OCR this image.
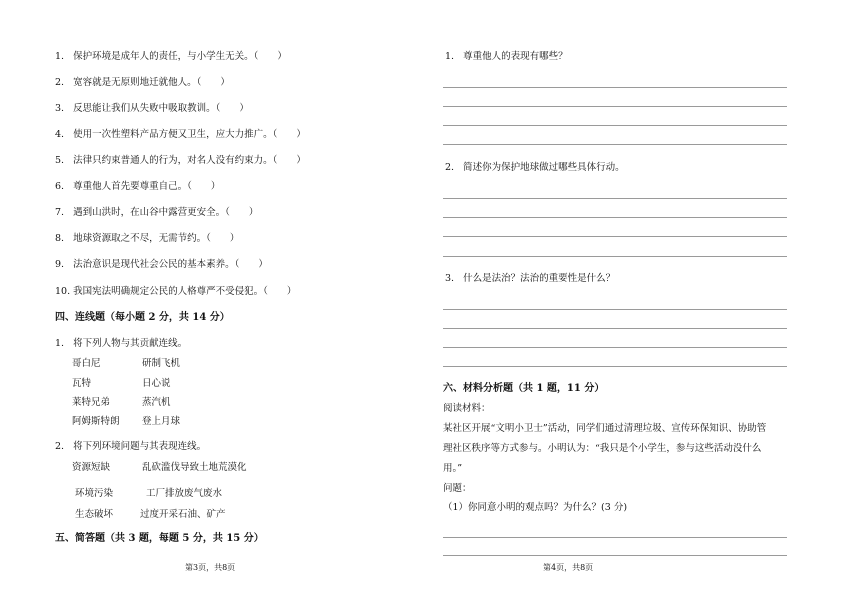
1. 保护环境是成年人的责任，与小学生无关。（　　）
2. 宽容就是无原则地迁就他人。（　　）
3. 反思能让我们从失败中吸取教训。（　　）
4. 使用一次性塑料产品方便又卫生，应大力推广。（　　）
5. 法律只约束普通人的行为，对名人没有约束力。（　　）
6. 尊重他人首先要尊重自己。（　　）
7. 遇到山洪时，在山谷中露营更安全。（　　）
8. 地球资源取之不尽，无需节约。（　　）
9. 法治意识是现代社会公民的基本素养。（　　）
10. 我国宪法明确规定公民的人格尊严不受侵犯。（　　）
四、连线题（每小题 2 分，共 14 分）
1. 将下列人物与其贡献连线。
哥白尼	研制飞机
瓦特	日心说
莱特兄弟	蒸汽机
阿姆斯特朗 登上月球
2. 将下列环境问题与其表现连线。
资源短缺	乱砍滥伐导致土地荒漠化
环境污染	工厂排放废气废水
生态破坏	过度开采石油、矿产
五、简答题（共 3 题，每题 5 分，共 15 分）
第3页，共8页
1. 尊重他人的表现有哪些？
2. 简述你为保护地球做过哪些具体行动。
3. 什么是法治？法治的重要性是什么？
六、材料分析题（共 1 题，11 分）
阅读材料：
某社区开展“文明小卫士”活动，同学们通过清理垃圾、宣传环保知识、协助管
理社区秩序等方式参与。小明认为：“我只是个小学生，参与这些活动没什么
用。”
问题：
（1）你同意小明的观点吗？为什么？(3 分)
第4页，共8页
